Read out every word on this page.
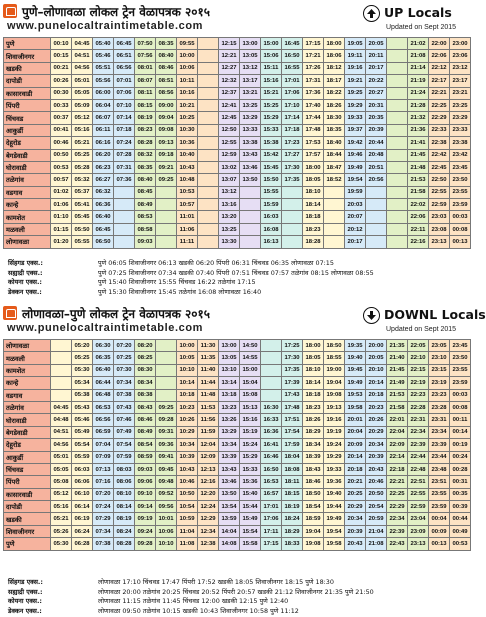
पुणे–लोणावळा लोकल ट्रेन वेळापत्रक २०१५
www.punelocaltraintimetable.com
UP Locals
Updated on Sept 2015
पुणे	00:10	04:45	05:40	06:45	07:50	08:35	09:55		12:15	13:00	15:00	16:45	17:15	18:00	19:05	20:05		21:02	22:00	23:00
शिवाजीनगर	00:15	04:51	05:46	06:51	07:56	08:40	10:00		12:21	13:05	15:06	16:50	17:21	18:06	19:11	20:11		21:08	22:06	23:06
खडकी	00:21	04:56	05:51	06:56	08:01	08:46	10:06		12:27	13:12	15:11	16:55	17:26	18:12	19:16	20:17		21:14	22:12	23:12
दापोडी	00:26	05:01	05:56	07:01	08:07	08:51	10:11		12:32	13:17	15:16	17:01	17:31	18:17	19:21	20:22		21:19	22:17	23:17
कासारवाडी	00:30	05:05	06:00	07:06	08:11	08:56	10:16		12:37	13:21	15:21	17:06	17:36	18:22	19:25	20:27		21:24	22:21	23:21
पिंपरी	00:33	05:09	06:04	07:10	08:15	09:00	10:21		12:41	13:25	15:25	17:10	17:40	18:26	19:29	20:31		21:28	22:25	23:25
चिंचवड	00:37	05:12	06:07	07:14	08:19	09:04	10:25		12:45	13:29	15:29	17:14	17:44	18:30	19:33	20:35		21:32	22:29	23:29
आकुर्डी	00:41	05:16	06:11	07:18	08:23	09:08	10:30		12:50	13:33	15:33	17:18	17:48	18:35	19:37	20:39		21:36	22:33	23:33
देहूरोड	00:46	05:21	06:16	07:24	08:28	09:13	10:36		12:55	13:38	15:38	17:23	17:53	18:40	19:42	20:44		21:41	22:38	23:38
बेगडेवाडी	00:50	05:25	06:20	07:28	08:32	09:18	10:40		12:59	13:43	15:42	17:27	17:57	18:44	19:46	20:48		21:45	22:42	23:42
घोरावाडी	00:53	05:28	06:23	07:31	08:35	09:21	10:43		13:02	13:46	15:45	17:30	18:00	18:47	19:49	20:51		21:48	22:45	23:45
तळेगांव	00:57	05:32	06:27	07:36	08:40	09:25	10:48		13:07	13:50	15:50	17:35	18:05	18:52	19:54	20:56		21:53	22:50	23:50
वडगाव	01:02	05:37	06:32		08:45		10:53		13:12		15:55		18:10		19:59			21:58	22:55	23:55
कान्हे	01:06	05:41	06:36		08:49		10:57		13:16		15:59		18:14		20:03			22:02	22:59	23:59
कामशेत	01:10	05:45	06:40		08:53		11:01		13:20		16:03		18:18		20:07			22:06	23:03	00:03
मळवली	01:15	05:50	06:45		08:58		11:06		13:25		16:08		18:23		20:12			22:11	23:08	00:08
लोणावळा	01:20	05:55	06:50		09:03		11:11		13:30		16:13		18:28		20:17			22:16	23:13	00:13
सिंहगड एक्स.:	पुणे 06:05 शिवाजीनगर 06:13 खडकी 06:20 पिंपरी 06:31 चिंचवड 06:35 लोणावळा 07:15
सह्याद्री एक्स.:	पुणे 07:25 शिवाजीनगर 07:34 खडकी 07:40 पिंपरी 07:51 चिंचवड 07:57 तळेगांव 08:15 लोणावळा 08:55
कोयना एक्स.:	पुणे 15:40 शिवाजीनगर 15:55 चिंचवड 16:22 तळेगांव 17:15
डेक्कन एक्स.:	पुणे 15:30 शिवाजीनगर 15:45 तळेगांव 16:08 लोणावळा 16:40
लोणावळा–पुणे लोकल ट्रेन वेळापत्रक २०१५
www.punelocaltraintimetable.com
DOWNL Locals
Updated on Sept 2015
लोणावळा		05:20	06:30	07:20	08:20		10:00	11:30	13:00	14:50		17:25	18:00	18:50	19:35	20:00	21:35	22:05	23:05	23:45
मळवली		05:25	06:35	07:25	08:25		10:05	11:35	13:05	14:55		17:30	18:05	18:55	19:40	20:05	21:40	22:10	23:10	23:50
कामशेत		05:30	06:40	07:30	08:30		10:10	11:40	13:10	15:00		17:35	18:10	19:00	19:45	20:10	21:45	22:15	23:15	23:55
कान्हे		05:34	06:44	07:34	08:34		10:14	11:44	13:14	15:04		17:39	18:14	19:04	19:49	20:14	21:49	22:19	23:19	23:59
वडगाव		05:38	06:48	07:38	08:38		10:18	11:48	13:18	15:08		17:43	18:18	19:08	19:53	20:18	21:53	22:23	23:23	00:03
तळेगांव	04:45	05:43	06:53	07:43	08:43	09:25	10:23	11:53	13:23	15:13	16:30	17:48	18:23	19:13	19:58	20:23	21:58	22:28	23:28	00:08
घोरावाडी	04:48	05:46	06:56	07:46	08:46	09:28	10:26	11:56	13:26	15:16	16:33	17:51	18:26	19:16	20:01	20:26	22:01	22:31	23:31	00:11
बेगडेवाडी	04:51	05:49	06:59	07:49	08:49	09:31	10:29	11:59	13:29	15:19	16:36	17:54	18:29	19:19	20:04	20:29	22:04	22:34	23:34	00:14
देहूरोड	04:56	05:54	07:04	07:54	08:54	09:36	10:34	12:04	13:34	15:24	16:41	17:59	18:34	19:24	20:09	20:34	22:09	22:39	23:39	00:19
आकुर्डी	05:01	05:59	07:09	07:59	08:59	09:41	10:39	12:09	13:39	15:29	16:46	18:04	18:39	19:29	20:14	20:39	22:14	22:44	23:44	00:24
चिंचवड	05:05	06:03	07:13	08:03	09:03	09:45	10:43	12:13	13:43	15:33	16:50	18:08	18:43	19:33	20:18	20:43	22:18	22:48	23:48	00:28
पिंपरी	05:08	06:06	07:16	08:06	09:06	09:48	10:46	12:16	13:46	15:36	16:53	18:11	18:46	19:36	20:21	20:46	22:21	22:51	23:51	00:31
कासारवाडी	05:12	06:10	07:20	08:10	09:10	09:52	10:50	12:20	13:50	15:40	16:57	18:15	18:50	19:40	20:25	20:50	22:25	22:55	23:55	00:35
दापोडी	05:16	06:14	07:24	08:14	09:14	09:56	10:54	12:24	13:54	15:44	17:01	18:19	18:54	19:44	20:29	20:54	22:29	22:59	23:59	00:39
खडकी	05:21	06:19	07:29	08:19	09:19	10:01	10:59	12:29	13:59	15:49	17:06	18:24	18:59	19:49	20:34	20:59	22:34	23:04	00:04	00:44
शिवाजीनगर	05:26	06:24	07:34	08:24	09:24	10:06	11:04	12:34	14:04	15:54	17:11	18:29	19:04	19:54	20:39	21:04	22:39	23:09	00:09	00:49
पुणे	05:30	06:28	07:38	08:28	09:28	10:10	11:08	12:38	14:08	15:58	17:15	18:33	19:08	19:58	20:43	21:08	22:43	23:13	00:13	00:53
सिंहगड एक्स.:	लोणावळा 17:10 चिंचवड 17:47 पिंपरी 17:52 खडकी 18:05 शिवाजीनगर 18:15 पुणे 18:30
सह्याद्री एक्स.:	लोणावळा 20:00 तळेगांव 20:25 चिंचवड 20:52 पिंपरी 20:57 खडकी 21:12 शिवाजीनगर 21:35 पुणे 21:50
कोयना एक्स.:	लोणावळा 11:15 तळेगांव 11:45 चिंचवड 12:00 खडकी 12:15 पुणे 12:40
डेक्कन एक्स.:	लोणावळा 09:50 तळेगांव 10:15 खडकी 10:43 शिवाजीनगर 10:58 पुणे 11:12
